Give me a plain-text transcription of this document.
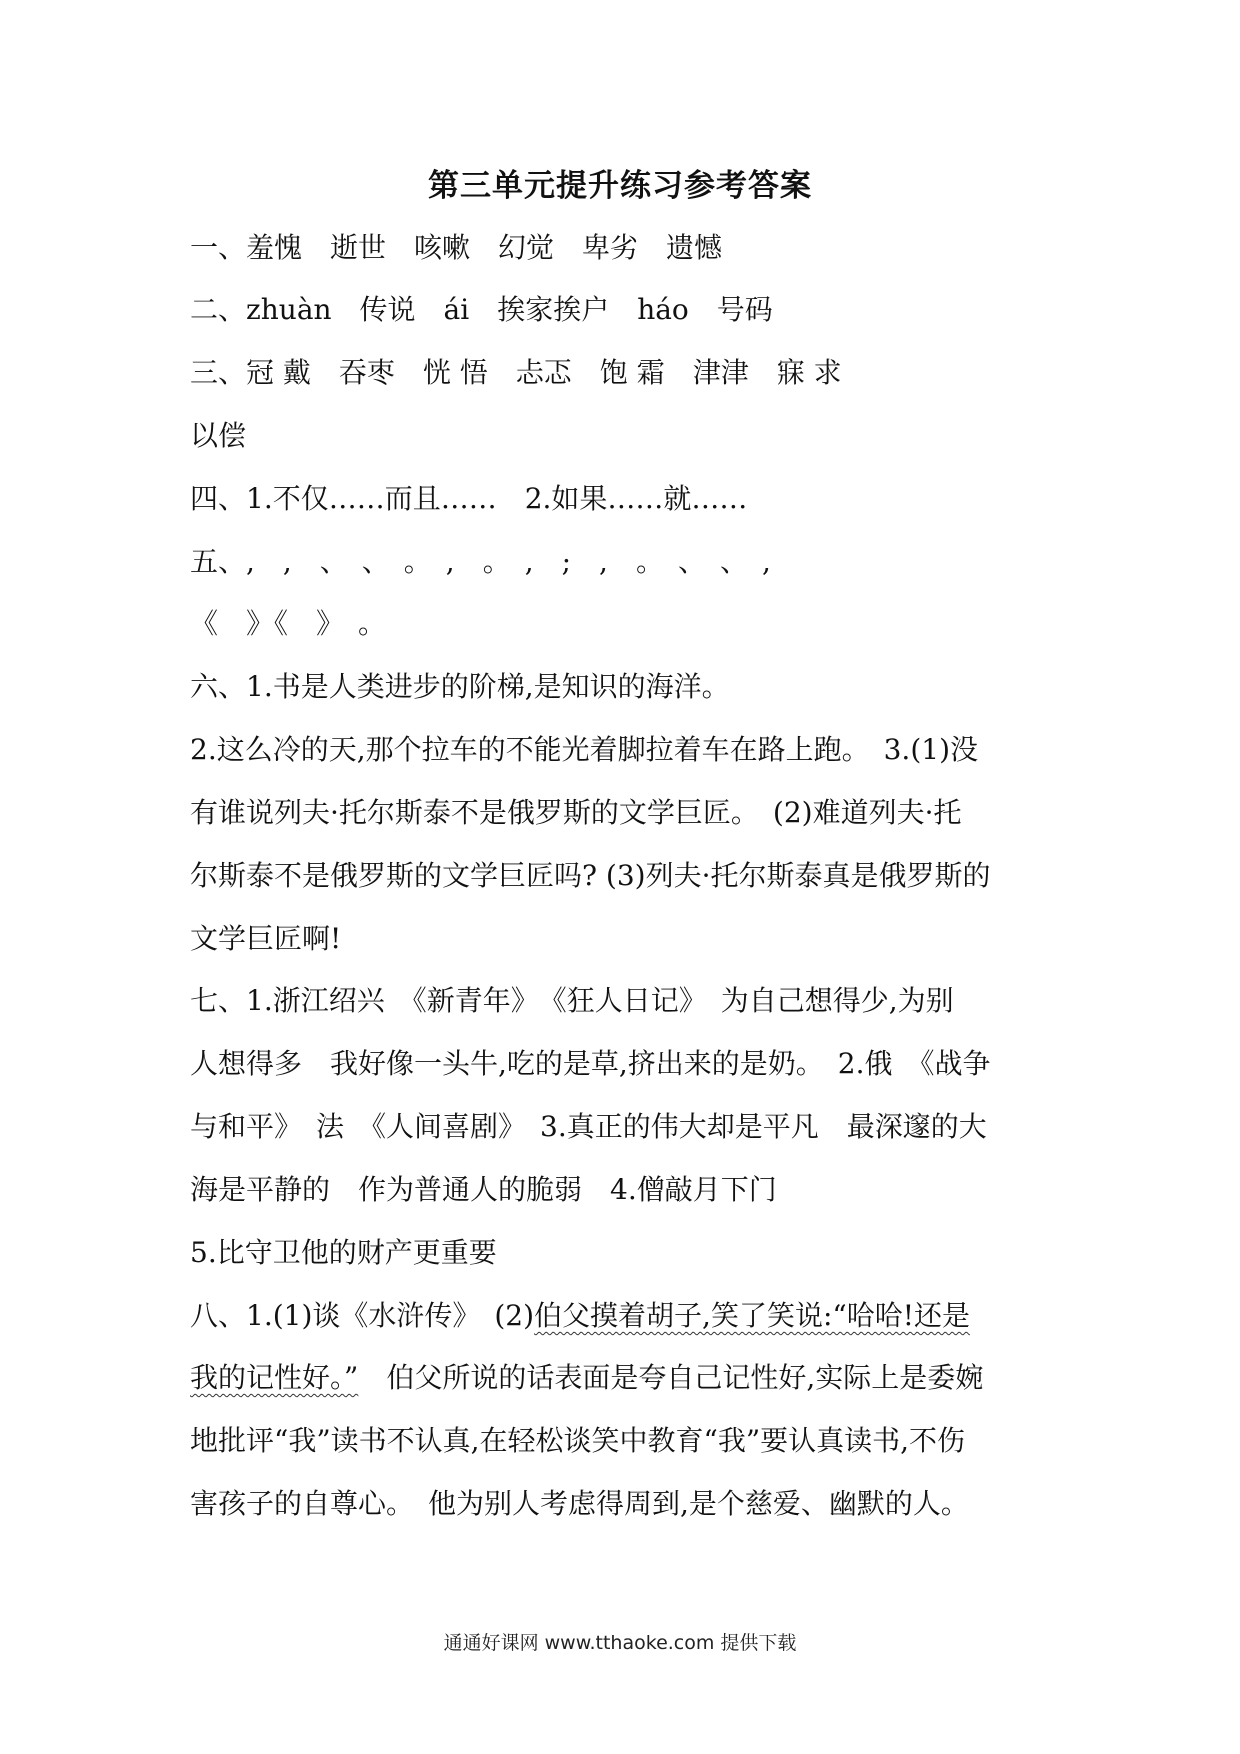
第三单元提升练习参考答案
一、羞愧　逝世　咳嗽　幻觉　卑劣　遗憾
二、zhuàn　传说　ái　挨家挨户　háo　号码
三、冠 戴　吞枣　恍 悟　忐忑　饱 霜　津津　寐 求
以偿
四、1.不仅……而且……　2.如果……就……
五、,　,　、　、　。　,　。　,　;　,　。　、　、　,
《　》《　》　。
六、1.书是人类进步的阶梯,是知识的海洋。
2.这么冷的天,那个拉车的不能光着脚拉着车在路上跑。　3.(1)没
有谁说列夫·托尔斯泰不是俄罗斯的文学巨匠。　(2)难道列夫·托
尔斯泰不是俄罗斯的文学巨匠吗? (3)列夫·托尔斯泰真是俄罗斯的
文学巨匠啊!
七、1.浙江绍兴　《新青年》　《狂人日记》　为自己想得少,为别
人想得多　我好像一头牛,吃的是草,挤出来的是奶。　2.俄　《战争
与和平》　法　《人间喜剧》　3.真正的伟大却是平凡　最深邃的大
海是平静的　作为普通人的脆弱　4.僧敲月下门
5.比守卫他的财产更重要
八、1.(1)谈《水浒传》　(2)伯父摸着胡子,笑了笑说:“哈哈!还是
我的记性好。”　伯父所说的话表面是夸自己记性好,实际上是委婉
地批评“我”读书不认真,在轻松谈笑中教育“我”要认真读书,不伤
害孩子的自尊心。　他为别人考虑得周到,是个慈爱、幽默的人。
通通好课网 www.tthaoke.com 提供下载
